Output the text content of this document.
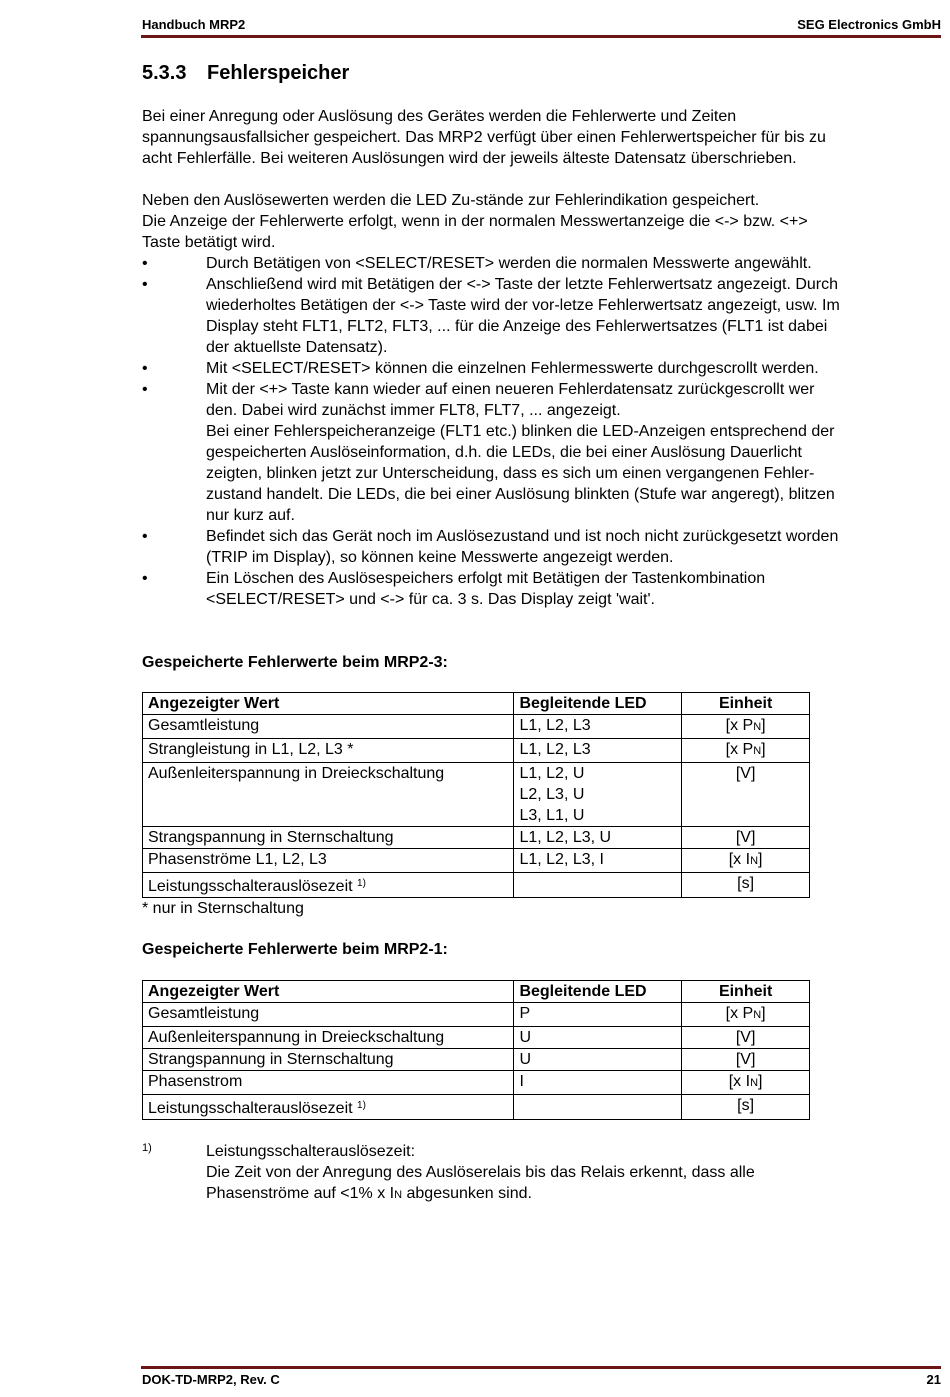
Handbuch MRP2	SEG Electronics GmbH
5.3.3 Fehlerspeicher

Bei einer Anregung oder Auslösung des Gerätes werden die Fehlerwerte und Zeiten
spannungsausfallsicher gespeichert. Das MRP2 verfügt über einen Fehlerwertspeicher für bis zu
acht Fehlerfälle. Bei weiteren Auslösungen wird der jeweils älteste Datensatz überschrieben.

Neben den Auslösewerten werden die LED Zu-stände zur Fehlerindikation gespeichert.
Die Anzeige der Fehlerwerte erfolgt, wenn in der normalen Messwertanzeige die <-> bzw. <+>
Taste betätigt wird.

•	Durch Betätigen von <SELECT/RESET> werden die normalen Messwerte angewählt.
•	Anschließend wird mit Betätigen der <-> Taste der letzte Fehlerwertsatz angezeigt. Durch
wiederholtes Betätigen der <-> Taste wird der vor-letze Fehlerwertsatz angezeigt, usw. Im
Display steht FLT1, FLT2, FLT3, ... für die Anzeige des Fehlerwertsatzes (FLT1 ist dabei
der aktuellste Datensatz).
•	Mit <SELECT/RESET> können die einzelnen Fehlermesswerte durchgescrollt werden.
•	Mit der <+> Taste kann wieder auf einen neueren Fehlerdatensatz zurückgescrollt wer
den. Dabei wird zunächst immer FLT8, FLT7, ... angezeigt.
Bei einer Fehlerspeicheranzeige (FLT1 etc.) blinken die LED-Anzeigen entsprechend der
gespeicherten Auslöseinformation, d.h. die LEDs, die bei einer Auslösung Dauerlicht
zeigten, blinken jetzt zur Unterscheidung, dass es sich um einen vergangenen Fehler-
zustand handelt. Die LEDs, die bei einer Auslösung blinkten (Stufe war angeregt), blitzen
nur kurz auf.
•	Befindet sich das Gerät noch im Auslösezustand und ist noch nicht zurückgesetzt worden
(TRIP im Display), so können keine Messwerte angezeigt werden.
•	Ein Löschen des Auslösespeichers erfolgt mit Betätigen der Tastenkombination
<SELECT/RESET> und <-> für ca. 3 s. Das Display zeigt 'wait'.
Gespeicherte Fehlerwerte beim MRP2-3:
Angezeigter Wert	Begleitende LED	Einheit
Gesamtleistung	L1, L2, L3	[x PN]
Strangleistung in L1, L2, L3 *	L1, L2, L3	[x PN]
Außenleiterspannung in Dreieckschaltung	L1, L2, U
L2, L3, U
L3, L1, U	[V]
Strangspannung in Sternschaltung	L1, L2, L3, U	[V]
Phasenströme L1, L2, L3	L1, L2, L3, I	[x IN]
Leistungsschalterauslösezeit $^{1)}$		[s]

* nur in Sternschaltung

Gespeicherte Fehlerwerte beim MRP2-1:
Angezeigter Wert	Begleitende LED	Einheit
Gesamtleistung	P	[x PN]
Außenleiterspannung in Dreieckschaltung	U	[V]
Strangspannung in Sternschaltung	U	[V]
Phasenstrom	I	[x IN]
Leistungsschalterauslösezeit $^{1)}$		[s]
1)	Leistungsschalterauslösezeit:
Die Zeit von der Anregung des Auslöserelais bis das Relais erkennt, dass alle
Phasenströme auf <1% x IN abgesunken sind.
DOK-TD-MRP2, Rev. C	21
